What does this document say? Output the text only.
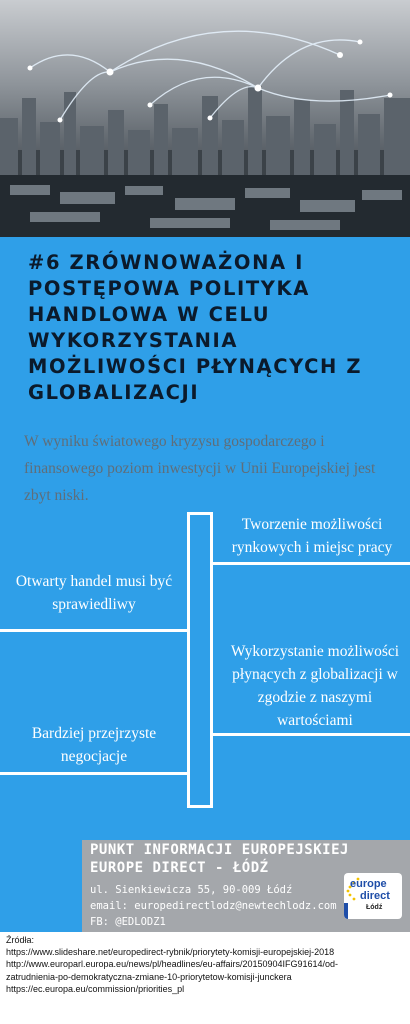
#6 ZRÓWNOWAŻONA I POSTĘPOWA POLITYKA HANDLOWA W CELU WYKORZYSTANIA MOŻLIWOŚCI PŁYNĄCYCH Z GLOBALIZACJI

W wyniku światowego kryzysu gospodarczego i finansowego poziom inwestycji w Unii Europejskiej jest zbyt niski.

Tworzenie możliwości rynkowych i miejsc pracy

Otwarty handel musi być sprawiedliwy

Wykorzystanie możliwości płynących z globalizacji w zgodzie z naszymi wartościami

Bardziej przejrzyste negocjacje

PUNKT INFORMACJI EUROPEJSKIEJ EUROPE DIRECT - ŁÓDŹ

ul. Sienkiewicza 55, 90-009 Łódź

email: europedirectlodz@newtechlodz.com

FB: @EDLODZ1

europe

direct

Łódź

Źródła:
https://www.slideshare.net/europedirect-rybnik/priorytety-komisji-europejskiej-2018
http://www.europarl.europa.eu/news/pl/headlines/eu-affairs/20150904IFG91614/od-
zatrudnienia-po-demokratyczna-zmiane-10-priorytetow-komisji-junckera
https://ec.europa.eu/commission/priorities_pl
